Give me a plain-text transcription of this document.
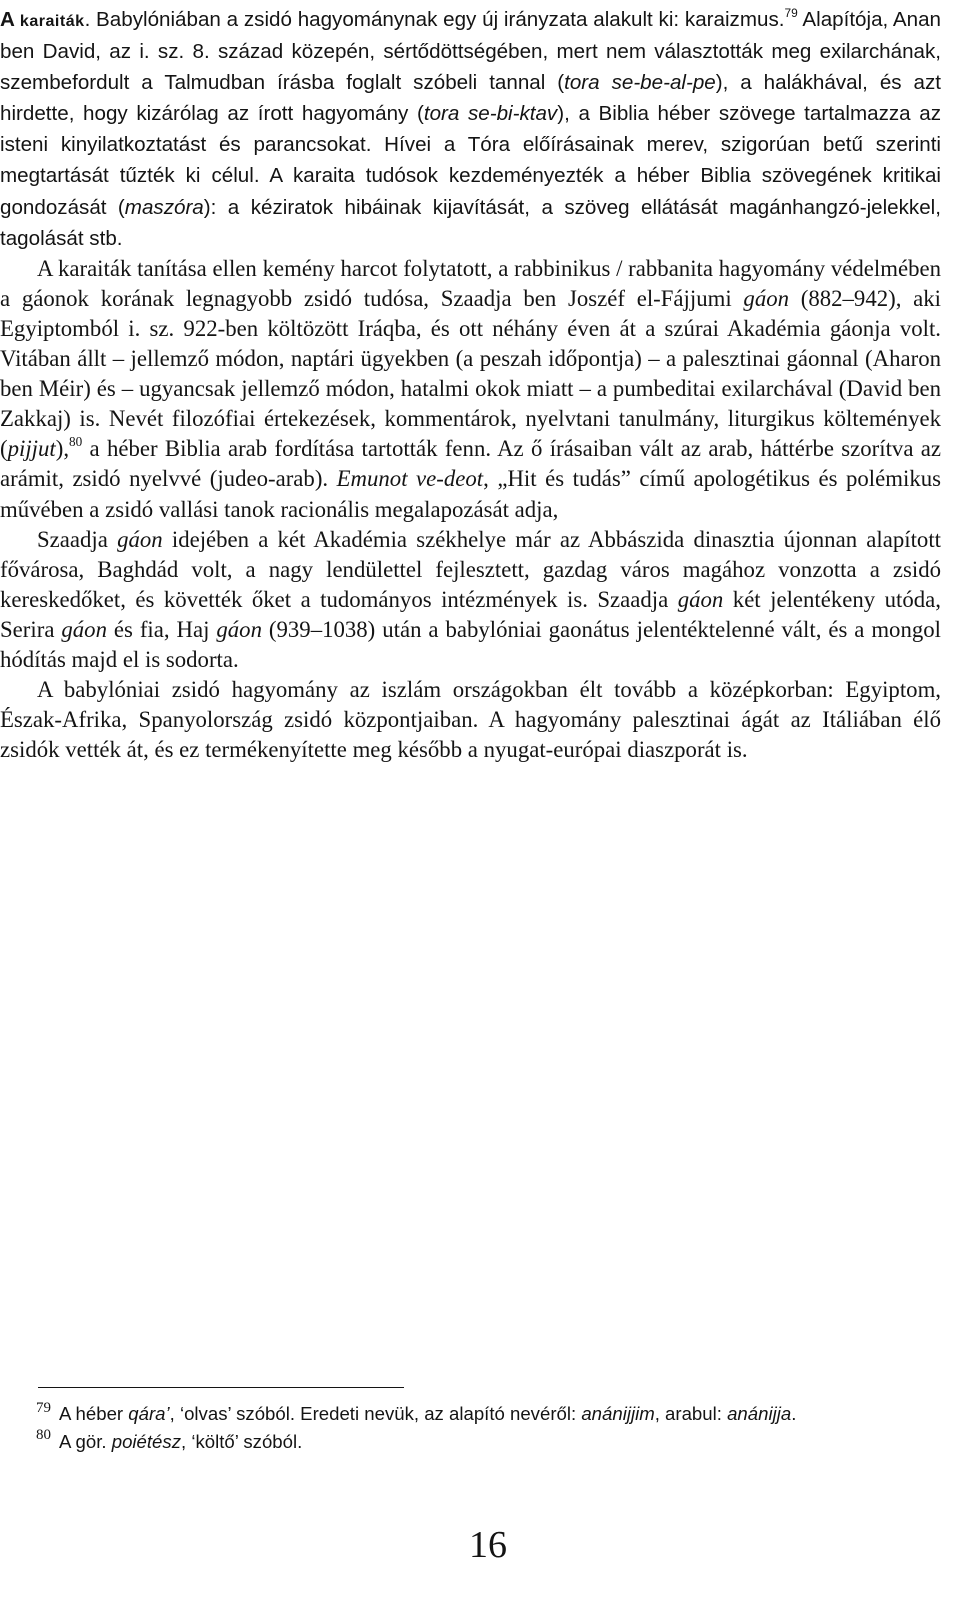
A karaiták. Babylóniában a zsidó hagyománynak egy új irányzata alakult ki: karaizmus.$^{79}$ Alapítója, Anan ben David, az i. sz. 8. század közepén, sértődöttségében, mert nem választották meg exilarchának, szembefordult a Talmudban írásba foglalt szóbeli tannal (tora se-be-al-pe), a halákhával, és azt hirdette, hogy kizárólag az írott hagyomány (tora se-bi-ktav), a Biblia héber szövege tartalmazza az isteni kinyilatkoztatást és parancsokat. Hívei a Tóra előírásainak merev, szigorúan betű szerinti megtartását tűzték ki célul. A karaita tudósok kezdeményezték a héber Biblia szövegének kritikai gondozását (maszóra): a kéziratok hibáinak kijavítását, a szöveg ellátását magánhangzó-jelekkel, tagolását stb.

A karaiták tanítása ellen kemény harcot folytatott, a rabbinikus / rabbanita hagyomány védelmében a gáonok korának legnagyobb zsidó tudósa, Szaadja ben Joszéf el-Fájjumi gáon (882–942), aki Egyiptomból i. sz. 922-ben költözött Iráqba, és ott néhány éven át a szúrai Akadémia gáonja volt. Vitában állt – jellemző módon, naptári ügyekben (a peszah időpontja) – a palesztinai gáonnal (Aharon ben Méir) és – ugyancsak jellemző módon, hatalmi okok miatt – a pumbeditai exilarchával (David ben Zakkaj) is. Nevét filozófiai értekezések, kommentárok, nyelvtani tanulmány, liturgikus költemények (pijjut),$^{80}$ a héber Biblia arab fordítása tartották fenn. Az ő írásaiban vált az arab, háttérbe szorítva az arámit, zsidó nyelvvé (judeo-arab). Emunot ve-deot, „Hit és tudás” című apologétikus és polémikus művében a zsidó vallási tanok racionális megalapozását adja,

Szaadja gáon idejében a két Akadémia székhelye már az Abbászida dinasztia újonnan alapított fővárosa, Baghdád volt, a nagy lendülettel fejlesztett, gazdag város magához vonzotta a zsidó kereskedőket, és követték őket a tudományos intézmények is. Szaadja gáon két jelentékeny utóda, Serira gáon és fia, Haj gáon (939–1038) után a babylóniai gaonátus jelentéktelenné vált, és a mongol hódítás majd el is sodorta.

A babylóniai zsidó hagyomány az iszlám országokban élt tovább a középkorban: Egyiptom, Észak-Afrika, Spanyolország zsidó központjaiban. A hagyomány palesztinai ágát az Itáliában élő zsidók vették át, és ez termékenyítette meg később a nyugat-európai diaszporát is.

$^{79}$ A héber qára’, ‘olvas’ szóból. Eredeti nevük, az alapító nevéről: anánijjim, arabul: anánijja.

$^{80}$ A gör. poiétész, ‘költő’ szóból.

16
